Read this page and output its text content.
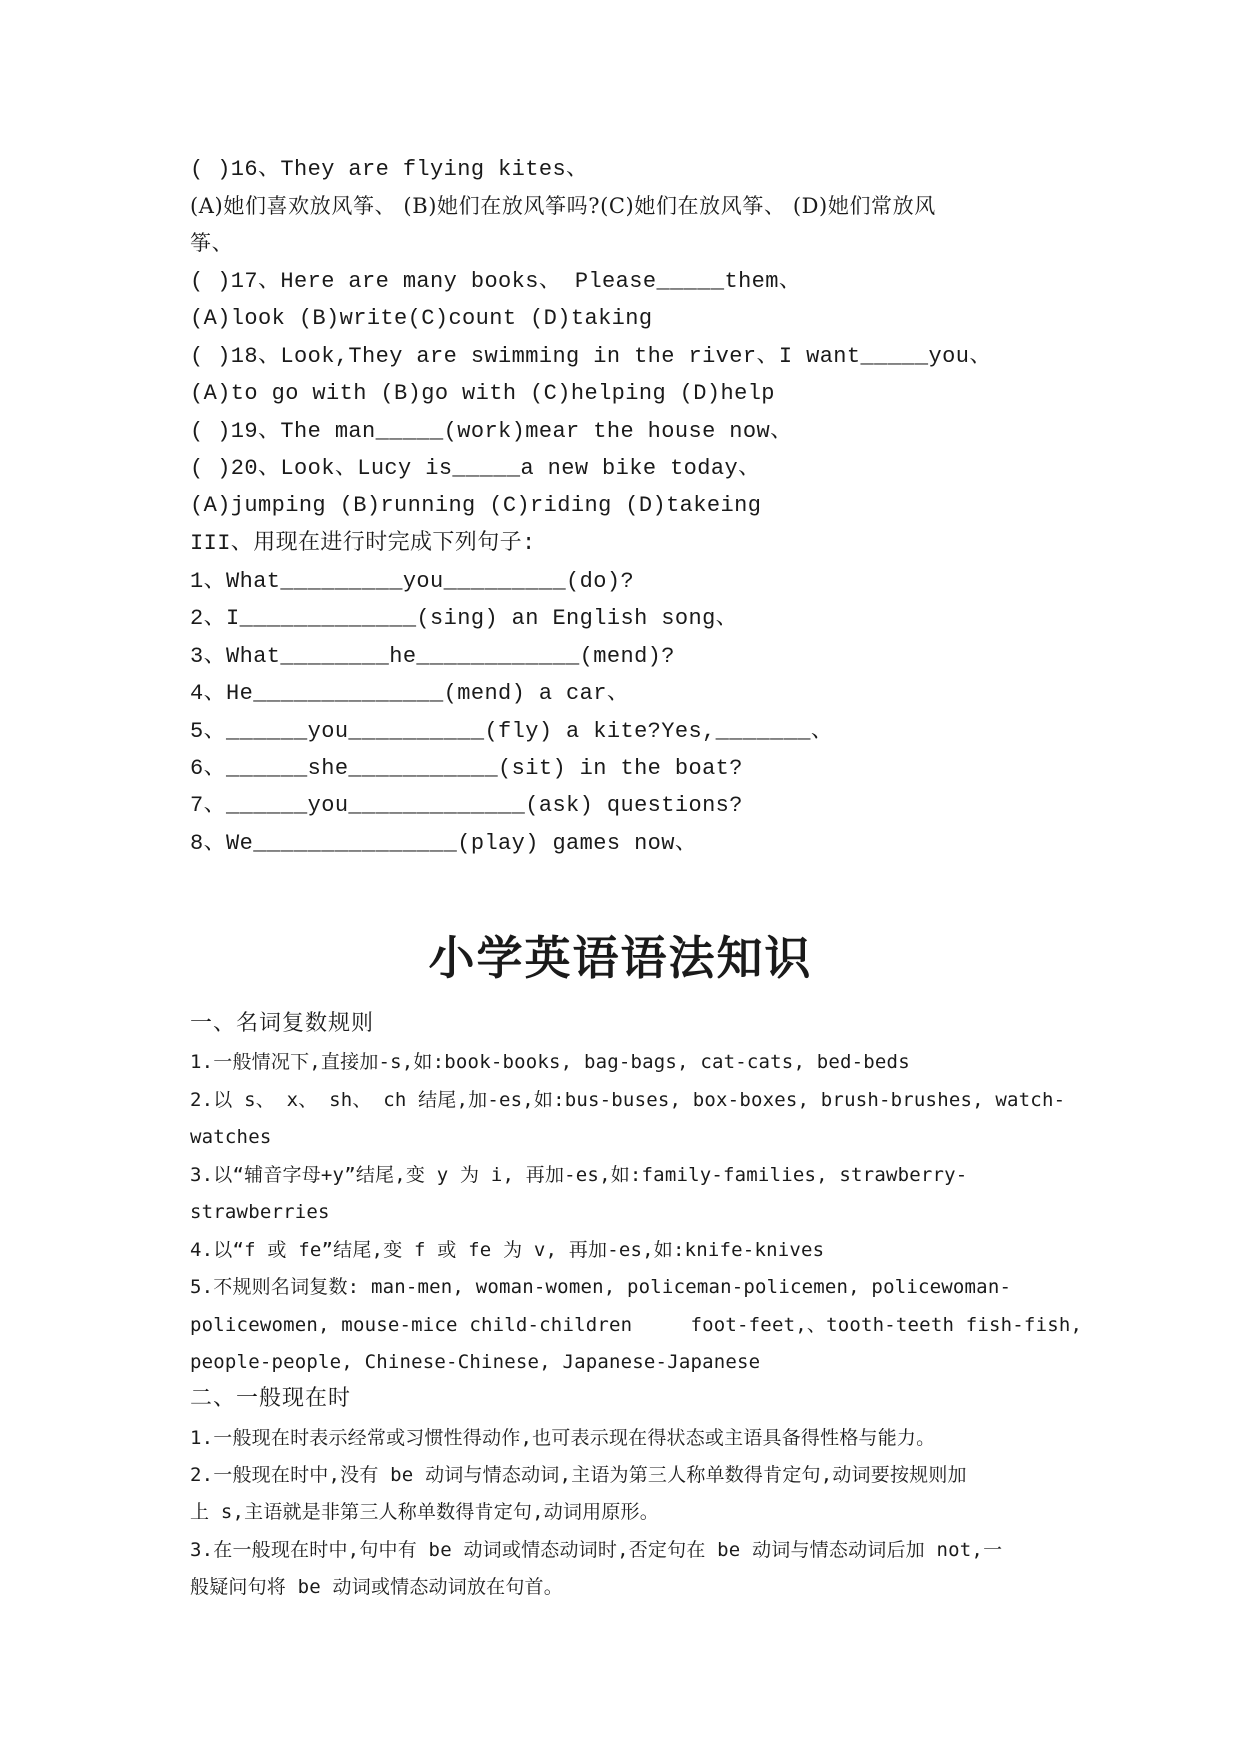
( )16、They are flying kites、
(A)她们喜欢放风筝、 (B)她们在放风筝吗?(C)她们在放风筝、 (D)她们常放风
筝、
( )17、Here are many books、 Please_____them、
(A)look (B)write(C)count (D)taking
( )18、Look,They are swimming in the river、I want_____you、
(A)to go with (B)go with (C)helping (D)help
( )19、The man_____(work)mear the house now、
( )20、Look、Lucy is_____a new bike today、
(A)jumping (B)running (C)riding (D)takeing
III、用现在进行时完成下列句子:
1、What_________you_________(do)?
2、I_____________(sing) an English song、
3、What________he____________(mend)?
4、He______________(mend) a car、
5、______you__________(fly) a kite?Yes,_______、
6、______she___________(sit) in the boat?
7、______you_____________(ask) questions?
8、We_______________(play) games now、
小学英语语法知识
一、名词复数规则
1.一般情况下,直接加-s,如:book-books, bag-bags, cat-cats, bed-beds
2.以 s、 x、 sh、 ch 结尾,加-es,如:bus-buses, box-boxes, brush-brushes, watch-
watches
3.以“辅音字母+y”结尾,变 y 为 i, 再加-es,如:family-families, strawberry-
strawberries
4.以“f 或 fe”结尾,变 f 或 fe 为 v, 再加-es,如:knife-knives
5.不规则名词复数: man-men, woman-women, policeman-policemen, policewoman-
policewomen, mouse-mice child-children     foot-feet,、tooth-teeth fish-fish,
people-people, Chinese-Chinese, Japanese-Japanese
二、一般现在时
1.一般现在时表示经常或习惯性得动作,也可表示现在得状态或主语具备得性格与能力。
2.一般现在时中,没有 be 动词与情态动词,主语为第三人称单数得肯定句,动词要按规则加
上 s,主语就是非第三人称单数得肯定句,动词用原形。
3.在一般现在时中,句中有 be 动词或情态动词时,否定句在 be 动词与情态动词后加 not,一
般疑问句将 be 动词或情态动词放在句首。
